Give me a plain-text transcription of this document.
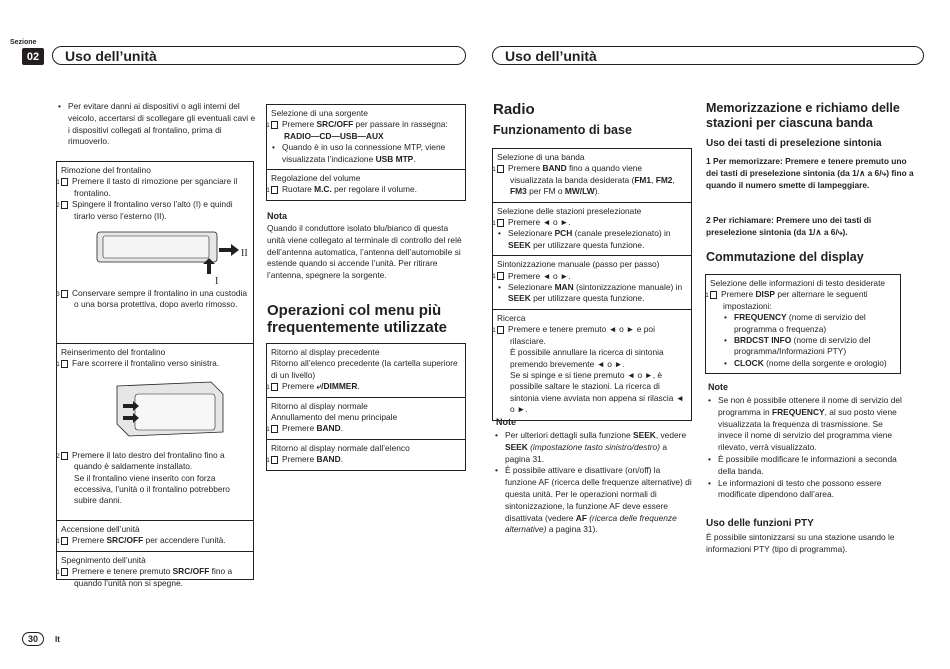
Sezione
02	Uso dell’unità	Uso dell’unità
• Per evitare danni ai dispositivi o agli interni del veicolo, accertarsi di scollegare gli eventuali cavi e i dispositivi collegati al frontalino, prima di rimuoverlo.
Rimozione del frontalino
1 Premere il tasto di rimozione per sganciare il frontalino.
2 Spingere il frontalino verso l’alto (I) e quindi tirarlo verso l’esterno (II).
II
I
3 Conservare sempre il frontalino in una custodia o una borsa protettiva, dopo averlo rimosso.
Reinserimento del frontalino
1 Fare scorrere il frontalino verso sinistra.
2 Premere il lato destro del frontalino fino a quando è saldamente installato.
Se il frontalino viene inserito con forza eccessiva, l’unità o il frontalino potrebbero subire danni.
Accensione dell’unità
1 Premere SRC/OFF per accendere l’unità.
Spegnimento dell’unità
1 Premere e tenere premuto SRC/OFF fino a quando l’unità non si spegne.
Selezione di una sorgente
1 Premere SRC/OFF per passare in rassegna:
RADIO—CD—USB—AUX
• Quando è in uso la connessione MTP, viene visualizzata l’indicazione USB MTP.
Regolazione del volume
1 Ruotare M.C. per regolare il volume.
Nota
Quando il conduttore isolato blu/bianco di questa unità viene collegato al terminale di controllo del relè dell’antenna automatica, l’antenna dell’automobile si estende quando si accende l’unità. Per ritirare l’antenna, spegnere la sorgente.
Operazioni col menu più frequentemente utilizzate
Ritorno al display precedente
Ritorno all’elenco precedente (la cartella superiore di un livello)
1 Premere ⤶/DIMMER.
Ritorno al display normale
Annullamento del menu principale
1 Premere BAND.
Ritorno al display normale dall’elenco
1 Premere BAND.
Radio
Funzionamento di base
Selezione di una banda
1 Premere BAND fino a quando viene visualizzata la banda desiderata (FM1, FM2, FM3 per FM o MW/LW).
Selezione delle stazioni preselezionate
1 Premere ◄ o ►.
• Selezionare PCH (canale preselezionato) in SEEK per utilizzare questa funzione.
Sintonizzazione manuale (passo per passo)
1 Premere ◄ o ►.
• Selezionare MAN (sintonizzazione manuale) in SEEK per utilizzare questa funzione.
Ricerca
1 Premere e tenere premuto ◄ o ► e poi rilasciare.
È possibile annullare la ricerca di sintonia premendo brevemente ◄ o ►.
Se si spinge e si tiene premuto ◄ o ►, è possibile saltare le stazioni. La ricerca di sintonia viene avviata non appena si rilascia ◄ o ►.
Note
• Per ulteriori dettagli sulla funzione SEEK, vedere SEEK (impostazione tasto sinistro/destro) a pagina 31.
• È possibile attivare e disattivare (on/off) la funzione AF (ricerca delle frequenze alternative) di questa unità. Per le operazioni normali di sintonizzazione, la funzione AF deve essere disattivata (vedere AF (ricerca delle frequenze alternative) a pagina 31).
Memorizzazione e richiamo delle stazioni per ciascuna banda
Uso dei tasti di preselezione sintonia
1 Per memorizzare: Premere e tenere premuto uno dei tasti di preselezione sintonia (da 1/∧ a 6/⤷) fino a quando il numero smette di lampeggiare.
2 Per richiamare: Premere uno dei tasti di preselezione sintonia (da 1/∧ a 6/⤷).
Commutazione del display
Selezione delle informazioni di testo desiderate
1 Premere DISP per alternare le seguenti impostazioni:
• FREQUENCY (nome di servizio del programma o frequenza)
• BRDCST INFO (nome di servizio del programma/Informazioni PTY)
• CLOCK (nome della sorgente e orologio)
Note
• Se non è possibile ottenere il nome di servizio del programma in FREQUENCY, al suo posto viene visualizzata la frequenza di trasmissione. Se invece il nome di servizio del programma viene rilevato, verrà visualizzato.
• È possibile modificare le informazioni a seconda della banda.
• Le informazioni di testo che possono essere modificate dipendono dall’area.
Uso delle funzioni PTY
È possibile sintonizzarsi su una stazione usando le informazioni PTY (tipo di programma).
30	It
